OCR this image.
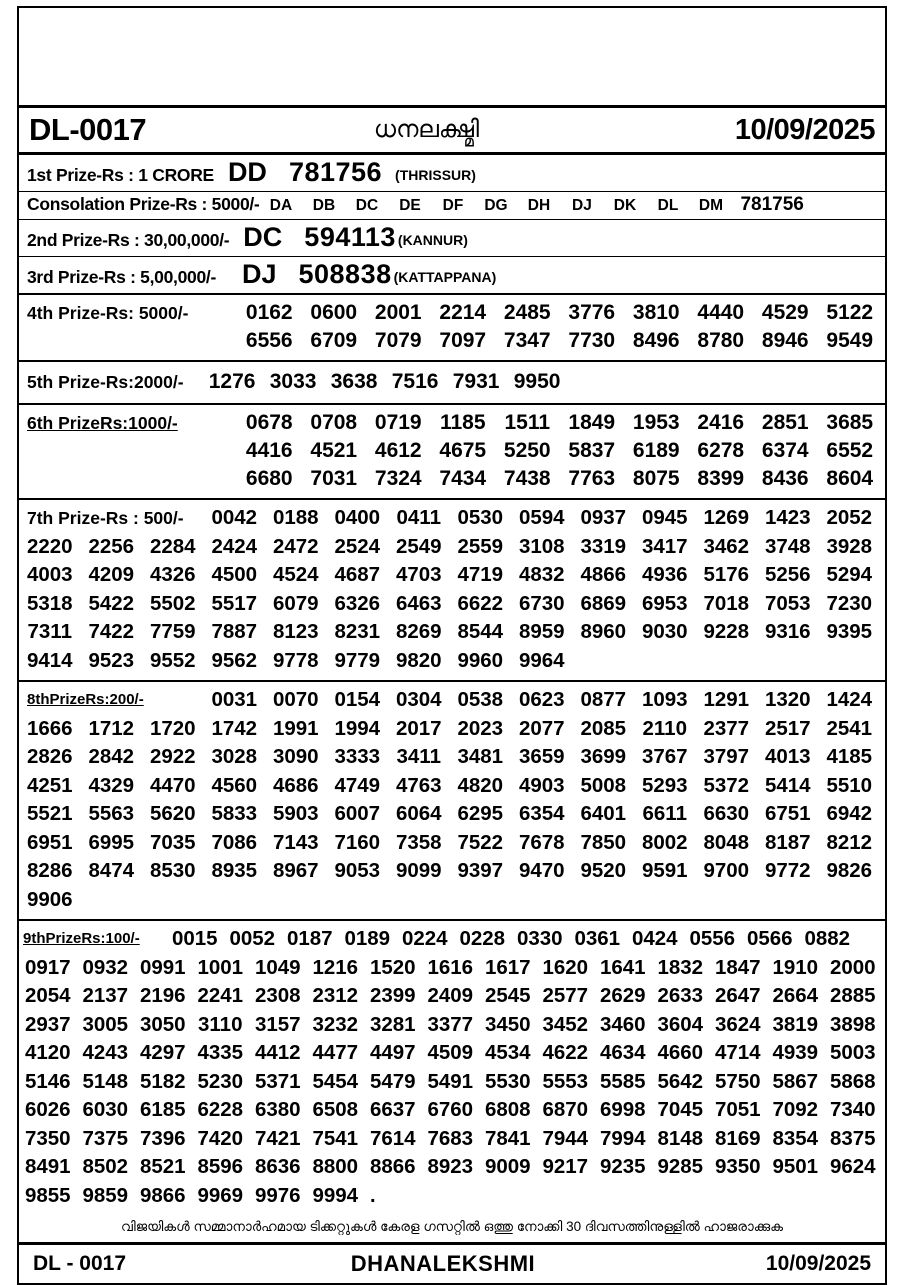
DL-0017	ധനലക്ഷ്മി	10/09/2025
1st Prize-Rs : 1 CRORE DD 781756 (THRISSUR)
Consolation Prize-Rs : 5000/- DA	DB	DC	DE	DF	DG	DH	DJ	DK	DL	DM 781756
2nd Prize-Rs : 30,00,000/- DC 594113 (KANNUR)
3rd Prize-Rs : 5,00,000/- DJ 508838 (KATTAPPANA)
4th Prize-Rs: 5000/-	0162 0600 2001 2214 2485 3776 3810 4440 4529 5122
6556 6709 7079 7097 7347 7730 8496 8780 8946 9549
5th Prize-Rs:2000/-	1276 3033 3638 7516 7931 9950
6th PrizeRs:1000/-	0678 0708 0719 1185 1511 1849 1953 2416 2851 3685
4416 4521 4612 4675 5250 5837 6189 6278 6374 6552
6680 7031 7324 7434 7438 7763 8075 8399 8436 8604
7th Prize-Rs : 500/-	0042 0188 0400 0411 0530 0594 0937 0945 1269 1423 2052
2220 2256 2284 2424 2472 2524 2549 2559 3108 3319 3417 3462 3748 3928
4003 4209 4326 4500 4524 4687 4703 4719 4832 4866 4936 5176 5256 5294
5318 5422 5502 5517 6079 6326 6463 6622 6730 6869 6953 7018 7053 7230
7311 7422 7759 7887 8123 8231 8269 8544 8959 8960 9030 9228 9316 9395
9414 9523 9552 9562 9778 9779 9820 9960 9964
8thPrizeRs:200/-	0031 0070 0154 0304 0538 0623 0877 1093 1291 1320 1424
1666 1712 1720 1742 1991 1994 2017 2023 2077 2085 2110 2377 2517 2541
2826 2842 2922 3028 3090 3333 3411 3481 3659 3699 3767 3797 4013 4185
4251 4329 4470 4560 4686 4749 4763 4820 4903 5008 5293 5372 5414 5510
5521 5563 5620 5833 5903 6007 6064 6295 6354 6401 6611 6630 6751 6942
6951 6995 7035 7086 7143 7160 7358 7522 7678 7850 8002 8048 8187 8212
8286 8474 8530 8935 8967 9053 9099 9397 9470 9520 9591 9700 9772 9826
9906
9thPrizeRs:100/-	0015 0052 0187 0189 0224 0228 0330 0361 0424 0556 0566 0882
0917 0932 0991 1001 1049 1216 1520 1616 1617 1620 1641 1832 1847 1910 2000
2054 2137 2196 2241 2308 2312 2399 2409 2545 2577 2629 2633 2647 2664 2885
2937 3005 3050 3110 3157 3232 3281 3377 3450 3452 3460 3604 3624 3819 3898
4120 4243 4297 4335 4412 4477 4497 4509 4534 4622 4634 4660 4714 4939 5003
5146 5148 5182 5230 5371 5454 5479 5491 5530 5553 5585 5642 5750 5867 5868
6026 6030 6185 6228 6380 6508 6637 6760 6808 6870 6998 7045 7051 7092 7340
7350 7375 7396 7420 7421 7541 7614 7683 7841 7944 7994 8148 8169 8354 8375
8491 8502 8521 8596 8636 8800 8866 8923 9009 9217 9235 9285 9350 9501 9624
9855 9859 9866 9969 9976 9994 .
വിജയികൾ സമ്മാനാർഹമായ ടിക്കറ്റുകൾ കേരള ഗസറ്റിൽ ഒത്തു നോക്കി 30 ദിവസത്തിനുള്ളിൽ ഹാജരാക്കുക
DL - 0017	DHANALEKSHMI	10/09/2025
